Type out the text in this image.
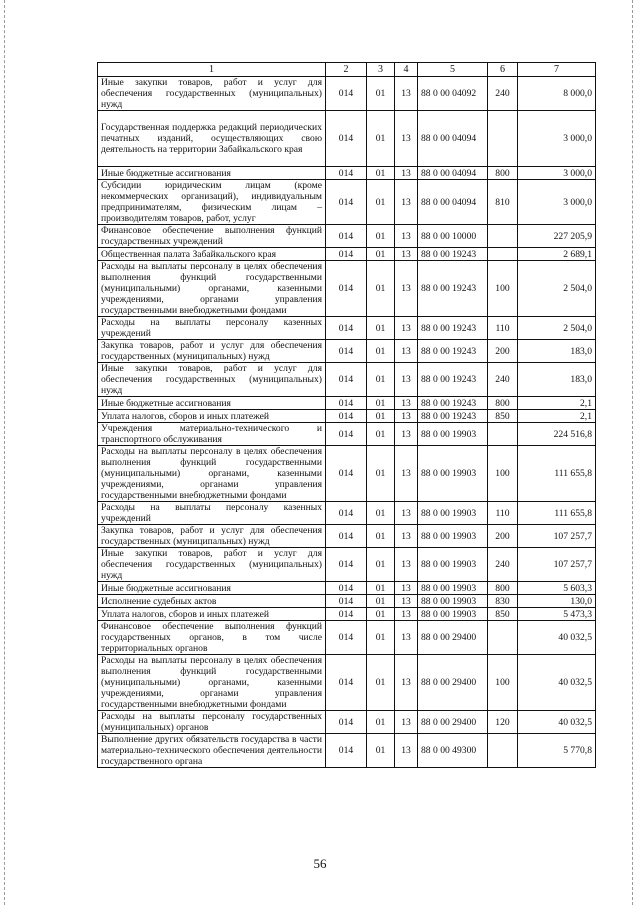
1	2	3	4	5	6	7
Иные закупки товаров, работ и услуг для обеспечения государственных (муниципальных) нужд	014	01	13	88 0 00 04092	240	8 000,0
Государственная поддержка редакций периодических печатных изданий, осуществляющих свою деятельность на территории Забайкальского края	014	01	13	88 0 00 04094		3 000,0
Иные бюджетные ассигнования	014	01	13	88 0 00 04094	800	3 000,0
Субсидии юридическим лицам (кроме некоммерческих организаций), индивидуальным предпринимателям, физическим лицам – производителям товаров, работ, услуг	014	01	13	88 0 00 04094	810	3 000,0
Финансовое обеспечение выполнения функций государственных учреждений	014	01	13	88 0 00 10000		227 205,9
Общественная палата Забайкальского края	014	01	13	88 0 00 19243		2 689,1
Расходы на выплаты персоналу в целях обеспечения выполнения функций государственными (муниципальными) органами, казенными учреждениями, органами управления государственными внебюджетными фондами	014	01	13	88 0 00 19243	100	2 504,0
Расходы на выплаты персоналу казенных учреждений	014	01	13	88 0 00 19243	110	2 504,0
Закупка товаров, работ и услуг для обеспечения государственных (муниципальных) нужд	014	01	13	88 0 00 19243	200	183,0
Иные закупки товаров, работ и услуг для обеспечения государственных (муниципальных) нужд	014	01	13	88 0 00 19243	240	183,0
Иные бюджетные ассигнования	014	01	13	88 0 00 19243	800	2,1
Уплата налогов, сборов и иных платежей	014	01	13	88 0 00 19243	850	2,1
Учреждения материально-технического и транспортного обслуживания	014	01	13	88 0 00 19903		224 516,8
Расходы на выплаты персоналу в целях обеспечения выполнения функций государственными (муниципальными) органами, казенными учреждениями, органами управления государственными внебюджетными фондами	014	01	13	88 0 00 19903	100	111 655,8
Расходы на выплаты персоналу казенных учреждений	014	01	13	88 0 00 19903	110	111 655,8
Закупка товаров, работ и услуг для обеспечения государственных (муниципальных) нужд	014	01	13	88 0 00 19903	200	107 257,7
Иные закупки товаров, работ и услуг для обеспечения государственных (муниципальных) нужд	014	01	13	88 0 00 19903	240	107 257,7
Иные бюджетные ассигнования	014	01	13	88 0 00 19903	800	5 603,3
Исполнение судебных актов	014	01	13	88 0 00 19903	830	130,0
Уплата налогов, сборов и иных платежей	014	01	13	88 0 00 19903	850	5 473,3
Финансовое обеспечение выполнения функций государственных органов, в том числе территориальных органов	014	01	13	88 0 00 29400		40 032,5
Расходы на выплаты персоналу в целях обеспечения выполнения функций государственными (муниципальными) органами, казенными учреждениями, органами управления государственными внебюджетными фондами	014	01	13	88 0 00 29400	100	40 032,5
Расходы на выплаты персоналу государственных (муниципальных) органов	014	01	13	88 0 00 29400	120	40 032,5
Выполнение других обязательств государства в части материально-технического обеспечения деятельности государственного органа	014	01	13	88 0 00 49300		5 770,8
56
